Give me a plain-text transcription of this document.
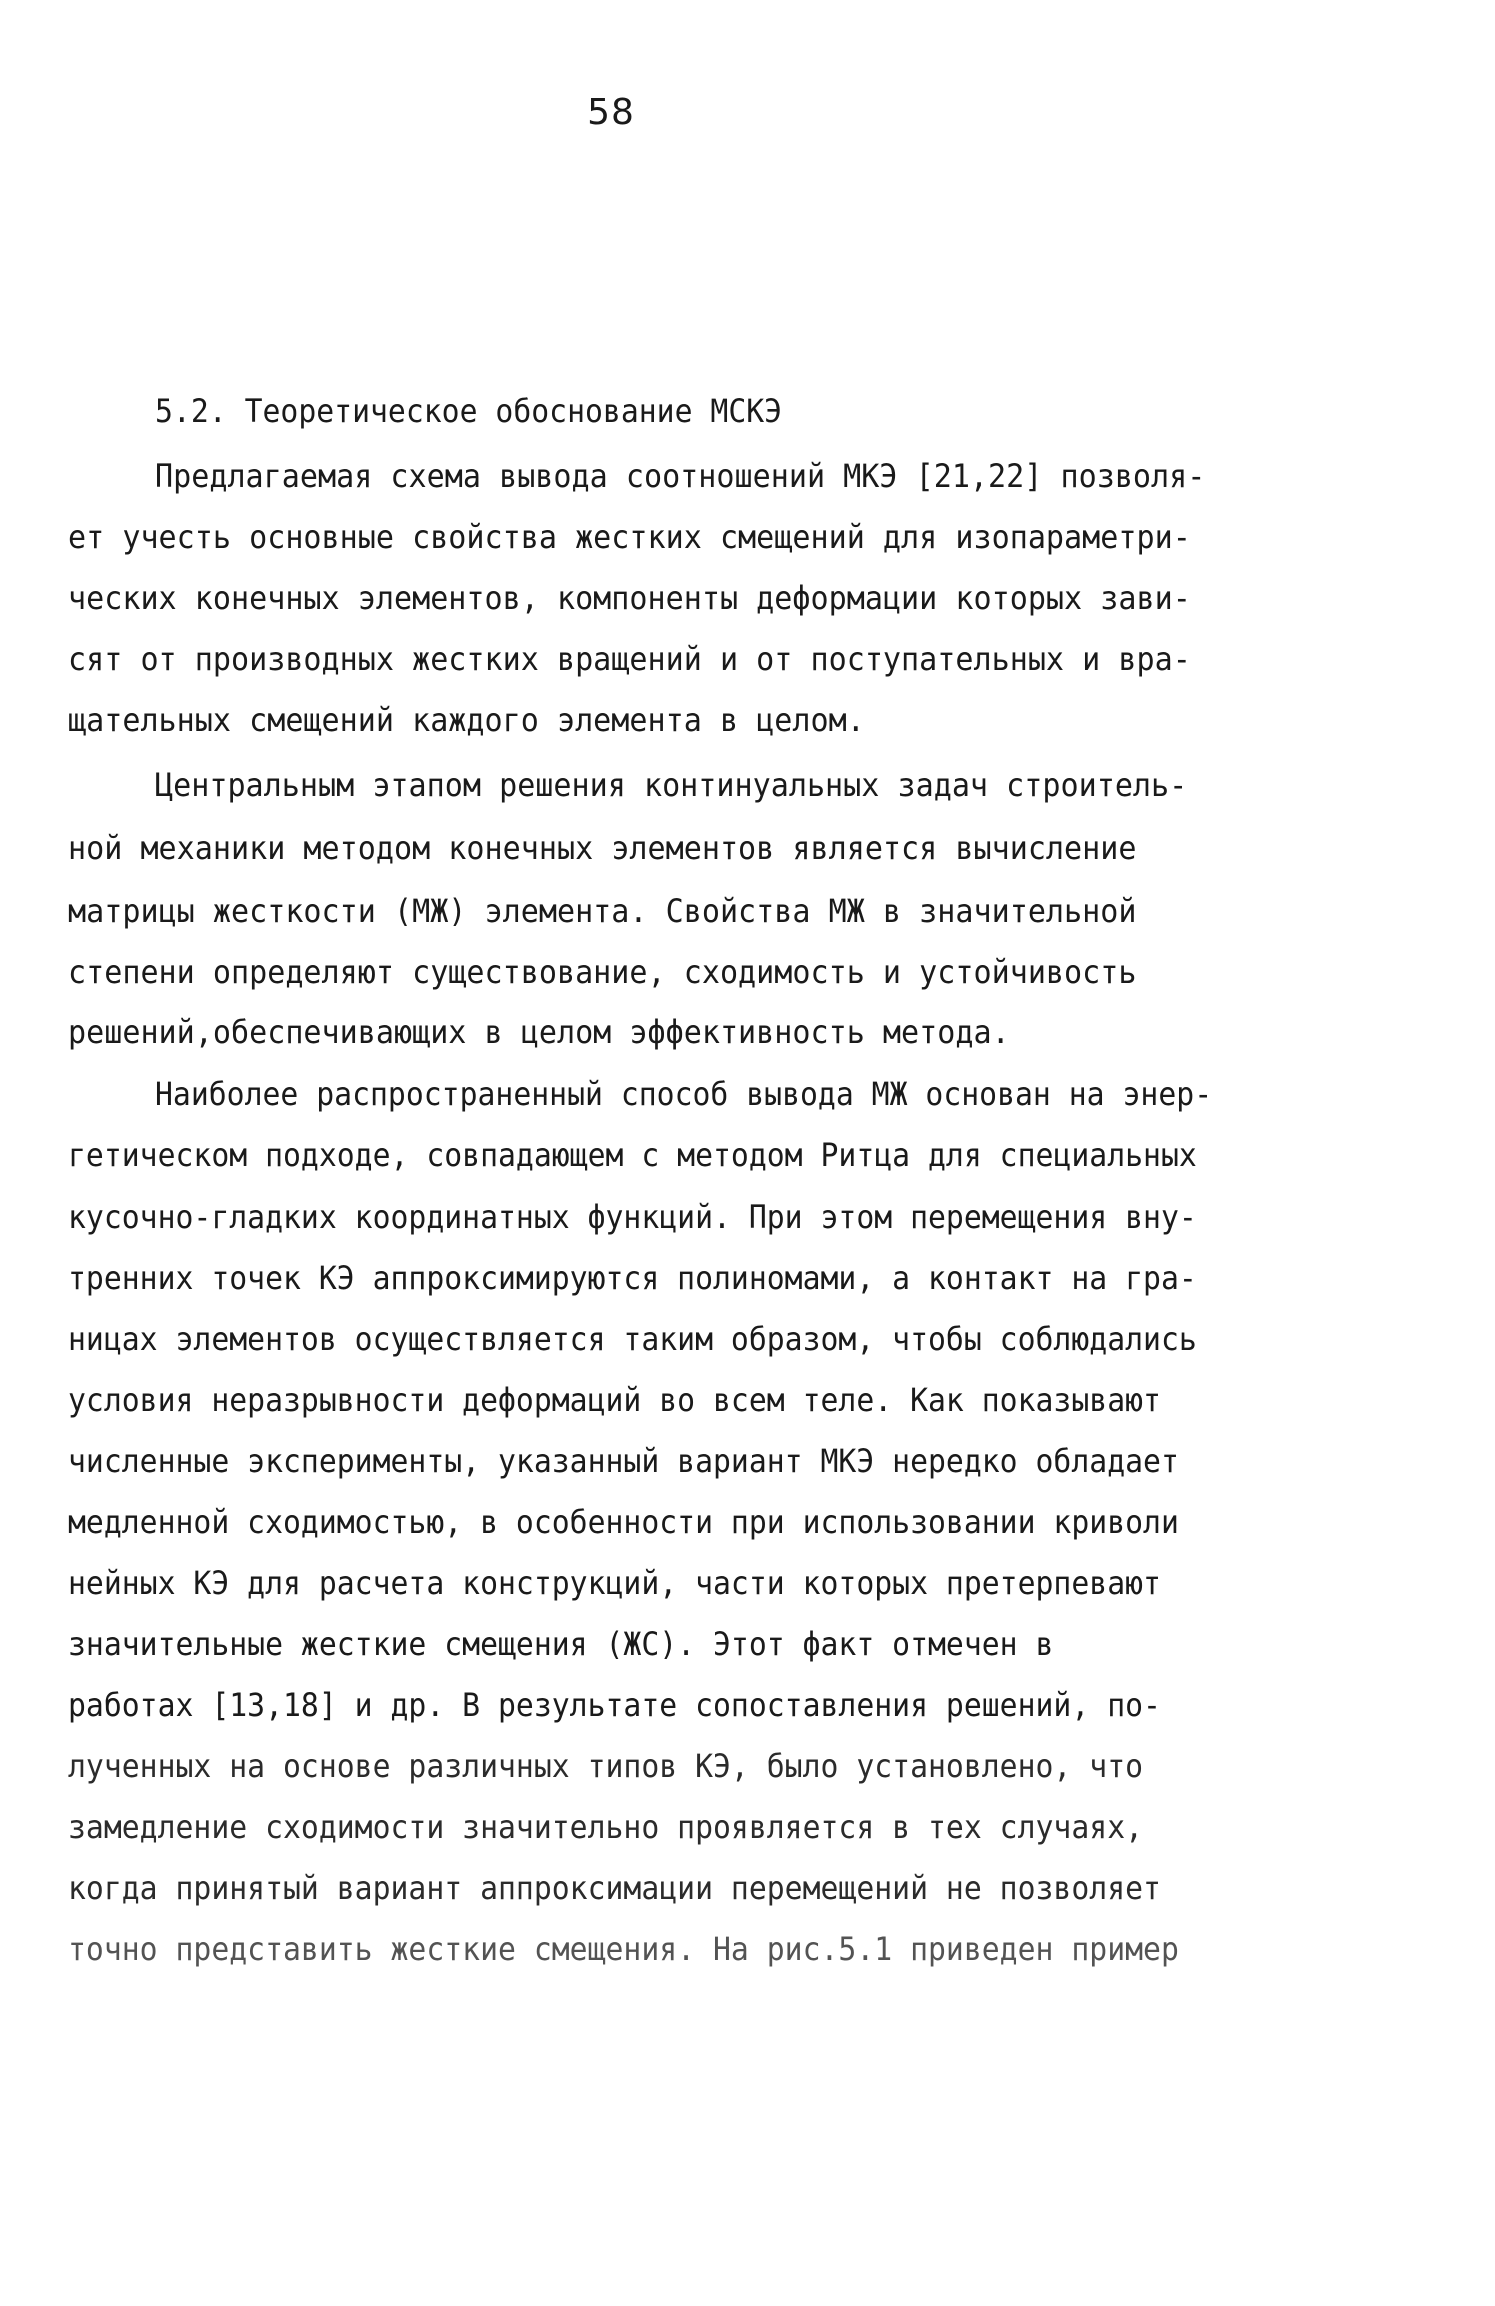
58
5.2. Теоретическое обоснование МСКЭ
Предлагаемая схема вывода соотношений МКЭ [21,22] позволя-
ет учесть основные свойства жестких смещений для изопараметри-
ческих конечных элементов, компоненты деформации которых зави-
сят от производных жестких вращений и от поступательных и вра-
щательных смещений каждого элемента в целом.
Центральным этапом решения континуальных задач строитель-
ной механики методом конечных элементов является вычисление
матрицы жесткости (МЖ) элемента. Свойства МЖ в значительной
степени определяют существование, сходимость и устойчивость
решений,обеспечивающих в целом эффективность метода.
Наиболее распространенный способ вывода МЖ основан на энер-
гетическом подходе, совпадающем с методом Ритца для специальных
кусочно-гладких координатных функций. При этом перемещения вну-
тренних точек КЭ аппроксимируются полиномами, а контакт на гра-
ницах элементов осуществляется таким образом, чтобы соблюдались
условия неразрывности деформаций во всем теле. Как показывают
численные эксперименты, указанный вариант МКЭ нередко обладает
медленной сходимостью, в особенности при использовании криволи
нейных КЭ для расчета конструкций, части которых претерпевают
значительные жесткие смещения (ЖС). Этот факт отмечен в
работах [13,18] и др. В результате сопоставления решений, по-
лученных на основе различных типов КЭ, было установлено, что
замедление сходимости значительно проявляется в тех случаях,
когда принятый вариант аппроксимации перемещений не позволяет
точно представить жесткие смещения. На рис.5.1 приведен пример
